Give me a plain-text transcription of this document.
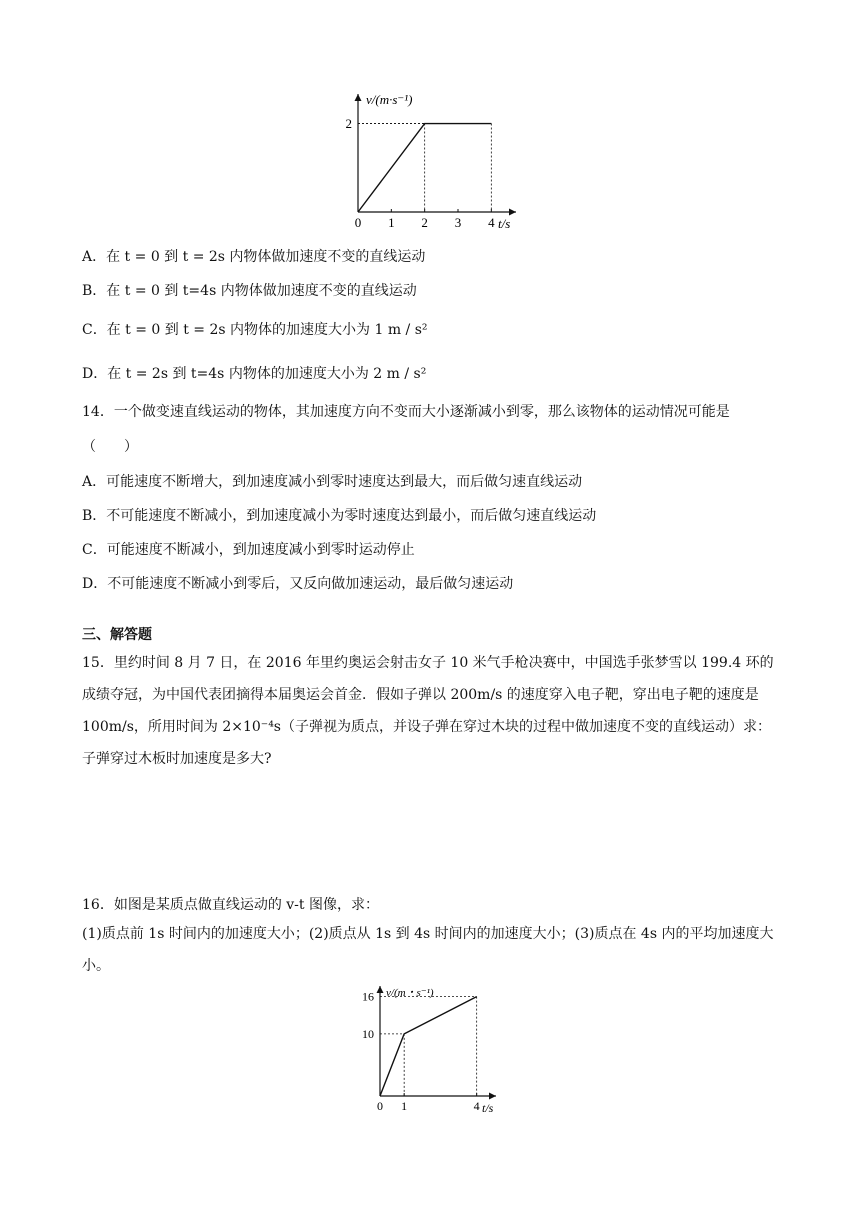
0 1 2 3 4
2
v/(m·s⁻¹)
t/s
A．在 t = 0 到 t = 2s 内物体做加速度不变的直线运动
B．在 t = 0 到 t=4s 内物体做加速度不变的直线运动
C．在 t = 0 到 t = 2s 内物体的加速度大小为 1 m / s²
D．在 t = 2s 到 t=4s 内物体的加速度大小为 2 m / s²
14．一个做变速直线运动的物体，其加速度方向不变而大小逐渐减小到零，那么该物体的运动情况可能是
（　　）
A．可能速度不断增大，到加速度减小到零时速度达到最大，而后做匀速直线运动
B．不可能速度不断减小，到加速度减小为零时速度达到最小，而后做匀速直线运动
C．可能速度不断减小，到加速度减小到零时运动停止
D．不可能速度不断减小到零后，又反向做加速运动，最后做匀速运动
三、解答题
15．里约时间 8 月 7 日，在 2016 年里约奥运会射击女子 10 米气手枪决赛中，中国选手张梦雪以 199.4 环的成绩夺冠，为中国代表团摘得本届奥运会首金．假如子弹以 200m/s 的速度穿入电子靶，穿出电子靶的速度是 100m/s，所用时间为 2×10⁻⁴s（子弹视为质点，并设子弹在穿过木块的过程中做加速度不变的直线运动）求：子弹穿过木板时加速度是多大?
16．如图是某质点做直线运动的 v-t 图像，求：
(1)质点前 1s 时间内的加速度大小；(2)质点从 1s 到 4s 时间内的加速度大小；(3)质点在 4s 内的平均加速度大小。
0 1	4
10
16 v/(m・s⁻¹)
t/s
